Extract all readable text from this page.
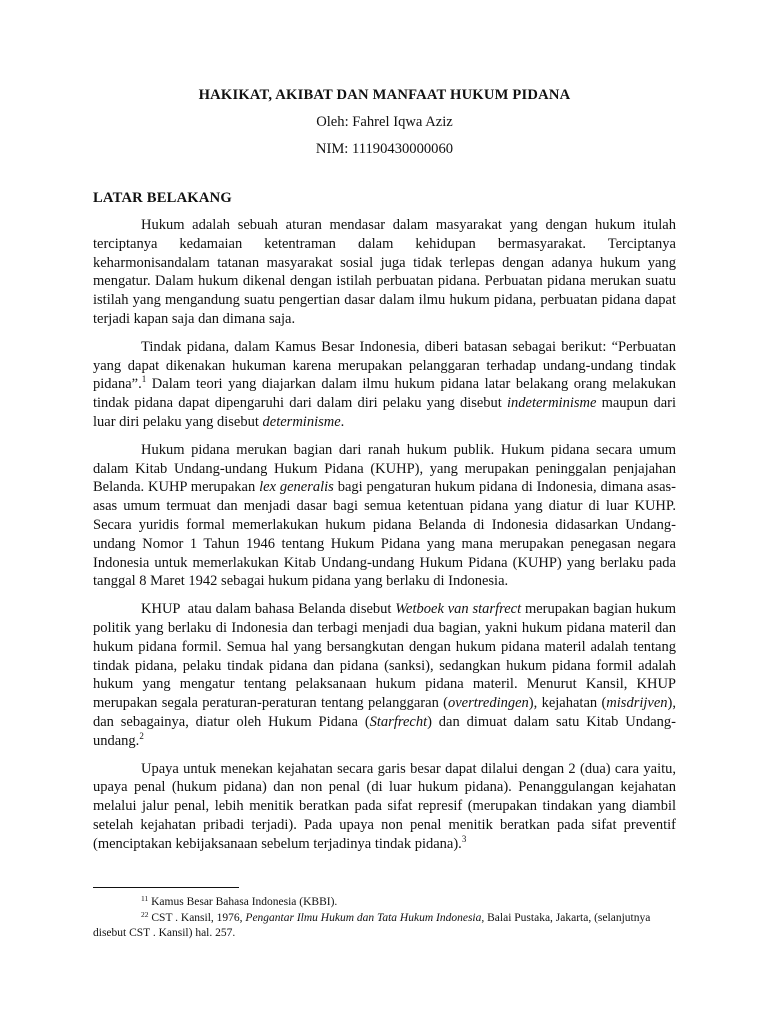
HAKIKAT, AKIBAT DAN MANFAAT HUKUM PIDANA

Oleh: Fahrel Iqwa Aziz

NIM: 11190430000060

LATAR BELAKANG

Hukum adalah sebuah aturan mendasar dalam masyarakat yang dengan hukum itulah terciptanya kedamaian ketentraman dalam kehidupan bermasyarakat. Terciptanya keharmonisandalam tatanan masyarakat sosial juga tidak terlepas dengan adanya hukum yang mengatur. Dalam hukum dikenal dengan istilah perbuatan pidana. Perbuatan pidana merukan suatu istilah yang mengandung suatu pengertian dasar dalam ilmu hukum pidana, perbuatan pidana dapat terjadi kapan saja dan dimana saja.

Tindak pidana, dalam Kamus Besar Indonesia, diberi batasan sebagai berikut: “Perbuatan yang dapat dikenakan hukuman karena merupakan pelanggaran terhadap undang-undang tindak pidana”.$^1$ Dalam teori yang diajarkan dalam ilmu hukum pidana latar belakang orang melakukan tindak pidana dapat dipengaruhi dari dalam diri pelaku yang disebut indeterminisme maupun dari luar diri pelaku yang disebut determinisme.

Hukum pidana merukan bagian dari ranah hukum publik. Hukum pidana secara umum dalam Kitab Undang-undang Hukum Pidana (KUHP), yang merupakan peninggalan penjajahan Belanda. KUHP merupakan lex generalis bagi pengaturan hukum pidana di Indonesia, dimana asas-asas umum termuat dan menjadi dasar bagi semua ketentuan pidana yang diatur di luar KUHP. Secara yuridis formal memerlakukan hukum pidana Belanda di Indonesia didasarkan Undang-undang Nomor 1 Tahun 1946 tentang Hukum Pidana yang mana merupakan penegasan negara Indonesia untuk memerlakukan Kitab Undang-undang Hukum Pidana (KUHP) yang berlaku pada tanggal 8 Maret 1942 sebagai hukum pidana yang berlaku di Indonesia.

KHUP  atau dalam bahasa Belanda disebut Wetboek van starfrect merupakan bagian hukum politik yang berlaku di Indonesia dan terbagi menjadi dua bagian, yakni hukum pidana materil dan hukum pidana formil. Semua hal yang bersangkutan dengan hukum pidana materil adalah tentang tindak pidana, pelaku tindak pidana dan pidana (sanksi), sedangkan hukum pidana formil adalah hukum yang mengatur tentang pelaksanaan hukum pidana materil. Menurut Kansil, KHUP merupakan segala peraturan-peraturan tentang pelanggaran (overtredingen), kejahatan (misdrijven), dan sebagainya, diatur oleh Hukum Pidana (Starfrecht) dan dimuat dalam satu Kitab Undang-undang.$^2$

Upaya untuk menekan kejahatan secara garis besar dapat dilalui dengan 2 (dua) cara yaitu, upaya penal (hukum pidana) dan non penal (di luar hukum pidana). Penanggulangan kejahatan melalui jalur penal, lebih menitik beratkan pada sifat represif (merupakan tindakan yang diambil setelah kejahatan pribadi terjadi). Pada upaya non penal menitik beratkan pada sifat preventif (menciptakan kebijaksanaan sebelum terjadinya tindak pidana).$^3$

$^{11}$ Kamus Besar Bahasa Indonesia (KBBI).

$^{22}$ CST . Kansil, 1976, Pengantar Ilmu Hukum dan Tata Hukum Indonesia, Balai Pustaka, Jakarta, (selanjutnya disebut CST . Kansil) hal. 257.
